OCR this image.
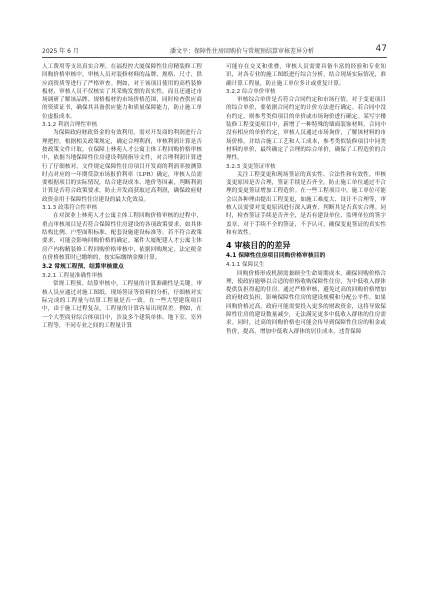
2025 年 6 月	潘文平：保障性住房回购价与常规预结算审核差异分析	47

人工费用等支出真实合理。在福投控大厦保障性住房精装修工程回购价格审核中，审核人员对装修材料的品牌、规格、尺寸、供应商资质等进行了严格审查。例如，对于该项目使用的高档装修板材，审核人员不仅核实了其采购发票的真实性，而且还通过市场调研了解该品牌、规格板材的市场价格范围，同时检查供应商的资质证书，确保其具备供应能力和质量保障能力，防止施工单位虚报成本。

3.1.2 利润合理性审核

为保障政府财政资金的有效利用，需对开发商的利润进行合理把控。根据相关政策规定，确定合理利润，审核利润计算是否按政策文件计取。在保障上林苑人才公寓主体工程回购价格审核中，依据当地保障性住房建设利润指导文件，对合理利润计算进行了仔细核对。文件规定保障性住房项目开发商的利润率按测算时点对应的一年期贷款市场报价利率（LPR）确定，审核人员需要根据项目的实际情况，结合建设成本、地价等因素，判断利润计算是否符合政策要求，防止开发商获取过高利润，确保政府财政资金用于保障性住房建设的最大化效益。

3.1.3 政策符合性审核

在对深业上林苑人才公寓主体工程回购价格审核的过程中，重点审核项目是否符合保障性住房建设的各项政策要求，如其体结构比例、户型面积标准、配套设施建设标准等。若不符合政策要求，可能会影响回购价格的确定。案件大厦配建人才公寓主体房产内构精装修工程回购价格审核中，依据回购规定，法定税金在价格核算时已缴纳的，按实际缴纳金额计算。

3.2 常规工程预、结算审核重点
3.2.1 工程量准确性审核

常规工程预、结算审核中，工程量的计算准确性是关键。审核人员应通过对施工图纸、现场签证等资料的分析，仔细核对实际完成的工程量与结算工程量是否一致。在一些大型建筑项目中，由于施工过程复杂，工程量的计算容易出现误差。例如，在一个大型商业综合体项目中，涉及多个建筑单体、地下室、室外工程等，不同专业之间的工程量计算

可能存在交叉和重叠，审核人员需要具备丰富的经验和专业知识，对各专业的施工图纸进行综合分析，结合现场实际情况，准确计算工程量，防止施工单位多计或重复计算。

3.2.2 综合单价审核

审核综合单价是否符合合同约定和市场行情，对于变更项目的综合单价，要依据合同约定的计价方法进行确定。若合同中没有约定，则参考类似项目的单价或市场询价进行确定。某写字楼装修工程变更项目中，新增了一种特殊的墙面装饰材料，合同中没有相应的单价约定，审核人员通过市场询价，了解该材料的市场价格，并结合施工工艺和人工成本，参考类似装修项目中同类材料的单价，最终确定了合理的综合单价，确保了工程造价的合理性。

3.2.3 变更签证审核

关注工程变更和现场签证的真实性、合法性和有效性。审核变更原因是否合理，签证手续是否齐全，防止施工单位通过不合理的变更签证增加工程造价。在一些工程项目中，施工单位可能会以各种理由提出工程变更，如施工难度大、设计不合理等，审核人员需要对变更原因进行深入调查，判断其是否真实合理。同时，检查签证手续是否齐全，是否有建设单位、监理单位的签字盖章，对于手续不全的签证，不予认可，确保变更签证的真实性和有效性。

4 审核目的的差异
4.1 保障性住房项目回购价格审核目的
4.1.1 保障民生

回购价格形成机制需兼顾全生命周期成本，确保回购价格合理，使政府能够以合适的价格收购保障性住房，为中低收入群体提供负担得起的住房。通过严格审核，避免过高的回购价格增加政府财政负担，影响保障性住房的建设规模和分配公平性。如果回购价格过高，政府可能需要投入更多的财政资金，这将导致保障性住房的建设数量减少，无法满足更多中低收入群体的住房需求。同时，过高的回购价格也可能会传导到保障性住房的租金或售价，提高，增加中低收入群体的居住成本，违背保障
